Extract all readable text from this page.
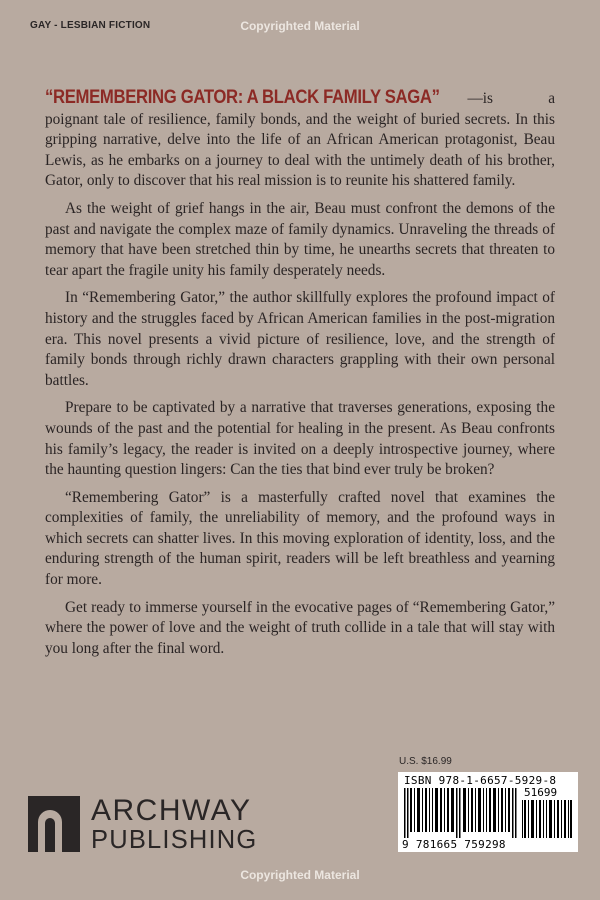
GAY - LESBIAN FICTION	Copyrighted Material

“REMEMBERING GATOR: A BLACK FAMILY SAGA” —is a poignant tale of resilience, family bonds, and the weight of buried secrets. In this gripping narrative, delve into the life of an African American protagonist, Beau Lewis, as he embarks on a journey to deal with the untimely death of his brother, Gator, only to discover that his real mission is to reunite his shattered family.

As the weight of grief hangs in the air, Beau must confront the demons of the past and navigate the complex maze of family dynamics. Unraveling the threads of memory that have been stretched thin by time, he unearths secrets that threaten to tear apart the fragile unity his family desperately needs.

In “Remembering Gator,” the author skillfully explores the profound impact of history and the struggles faced by African American families in the post-migration era. This novel presents a vivid picture of resilience, love, and the strength of family bonds through richly drawn characters grappling with their own personal battles.

Prepare to be captivated by a narrative that traverses generations, exposing the wounds of the past and the potential for healing in the present. As Beau confronts his family’s legacy, the reader is invited on a deeply introspective journey, where the haunting question lingers: Can the ties that bind ever truly be broken?

“Remembering Gator” is a masterfully crafted novel that examines the complexities of family, the unreliability of memory, and the profound ways in which secrets can shatter lives. In this moving exploration of identity, loss, and the enduring strength of the human spirit, readers will be left breathless and yearning for more.

Get ready to immerse yourself in the evocative pages of “Remembering Gator,” where the power of love and the weight of truth collide in a tale that will stay with you long after the final word.

ARCHWAY
PUBLISHING
U.S. $16.99
ISBN 978-1-6657-5929-8
51699
9 781665 759298
Copyrighted Material
